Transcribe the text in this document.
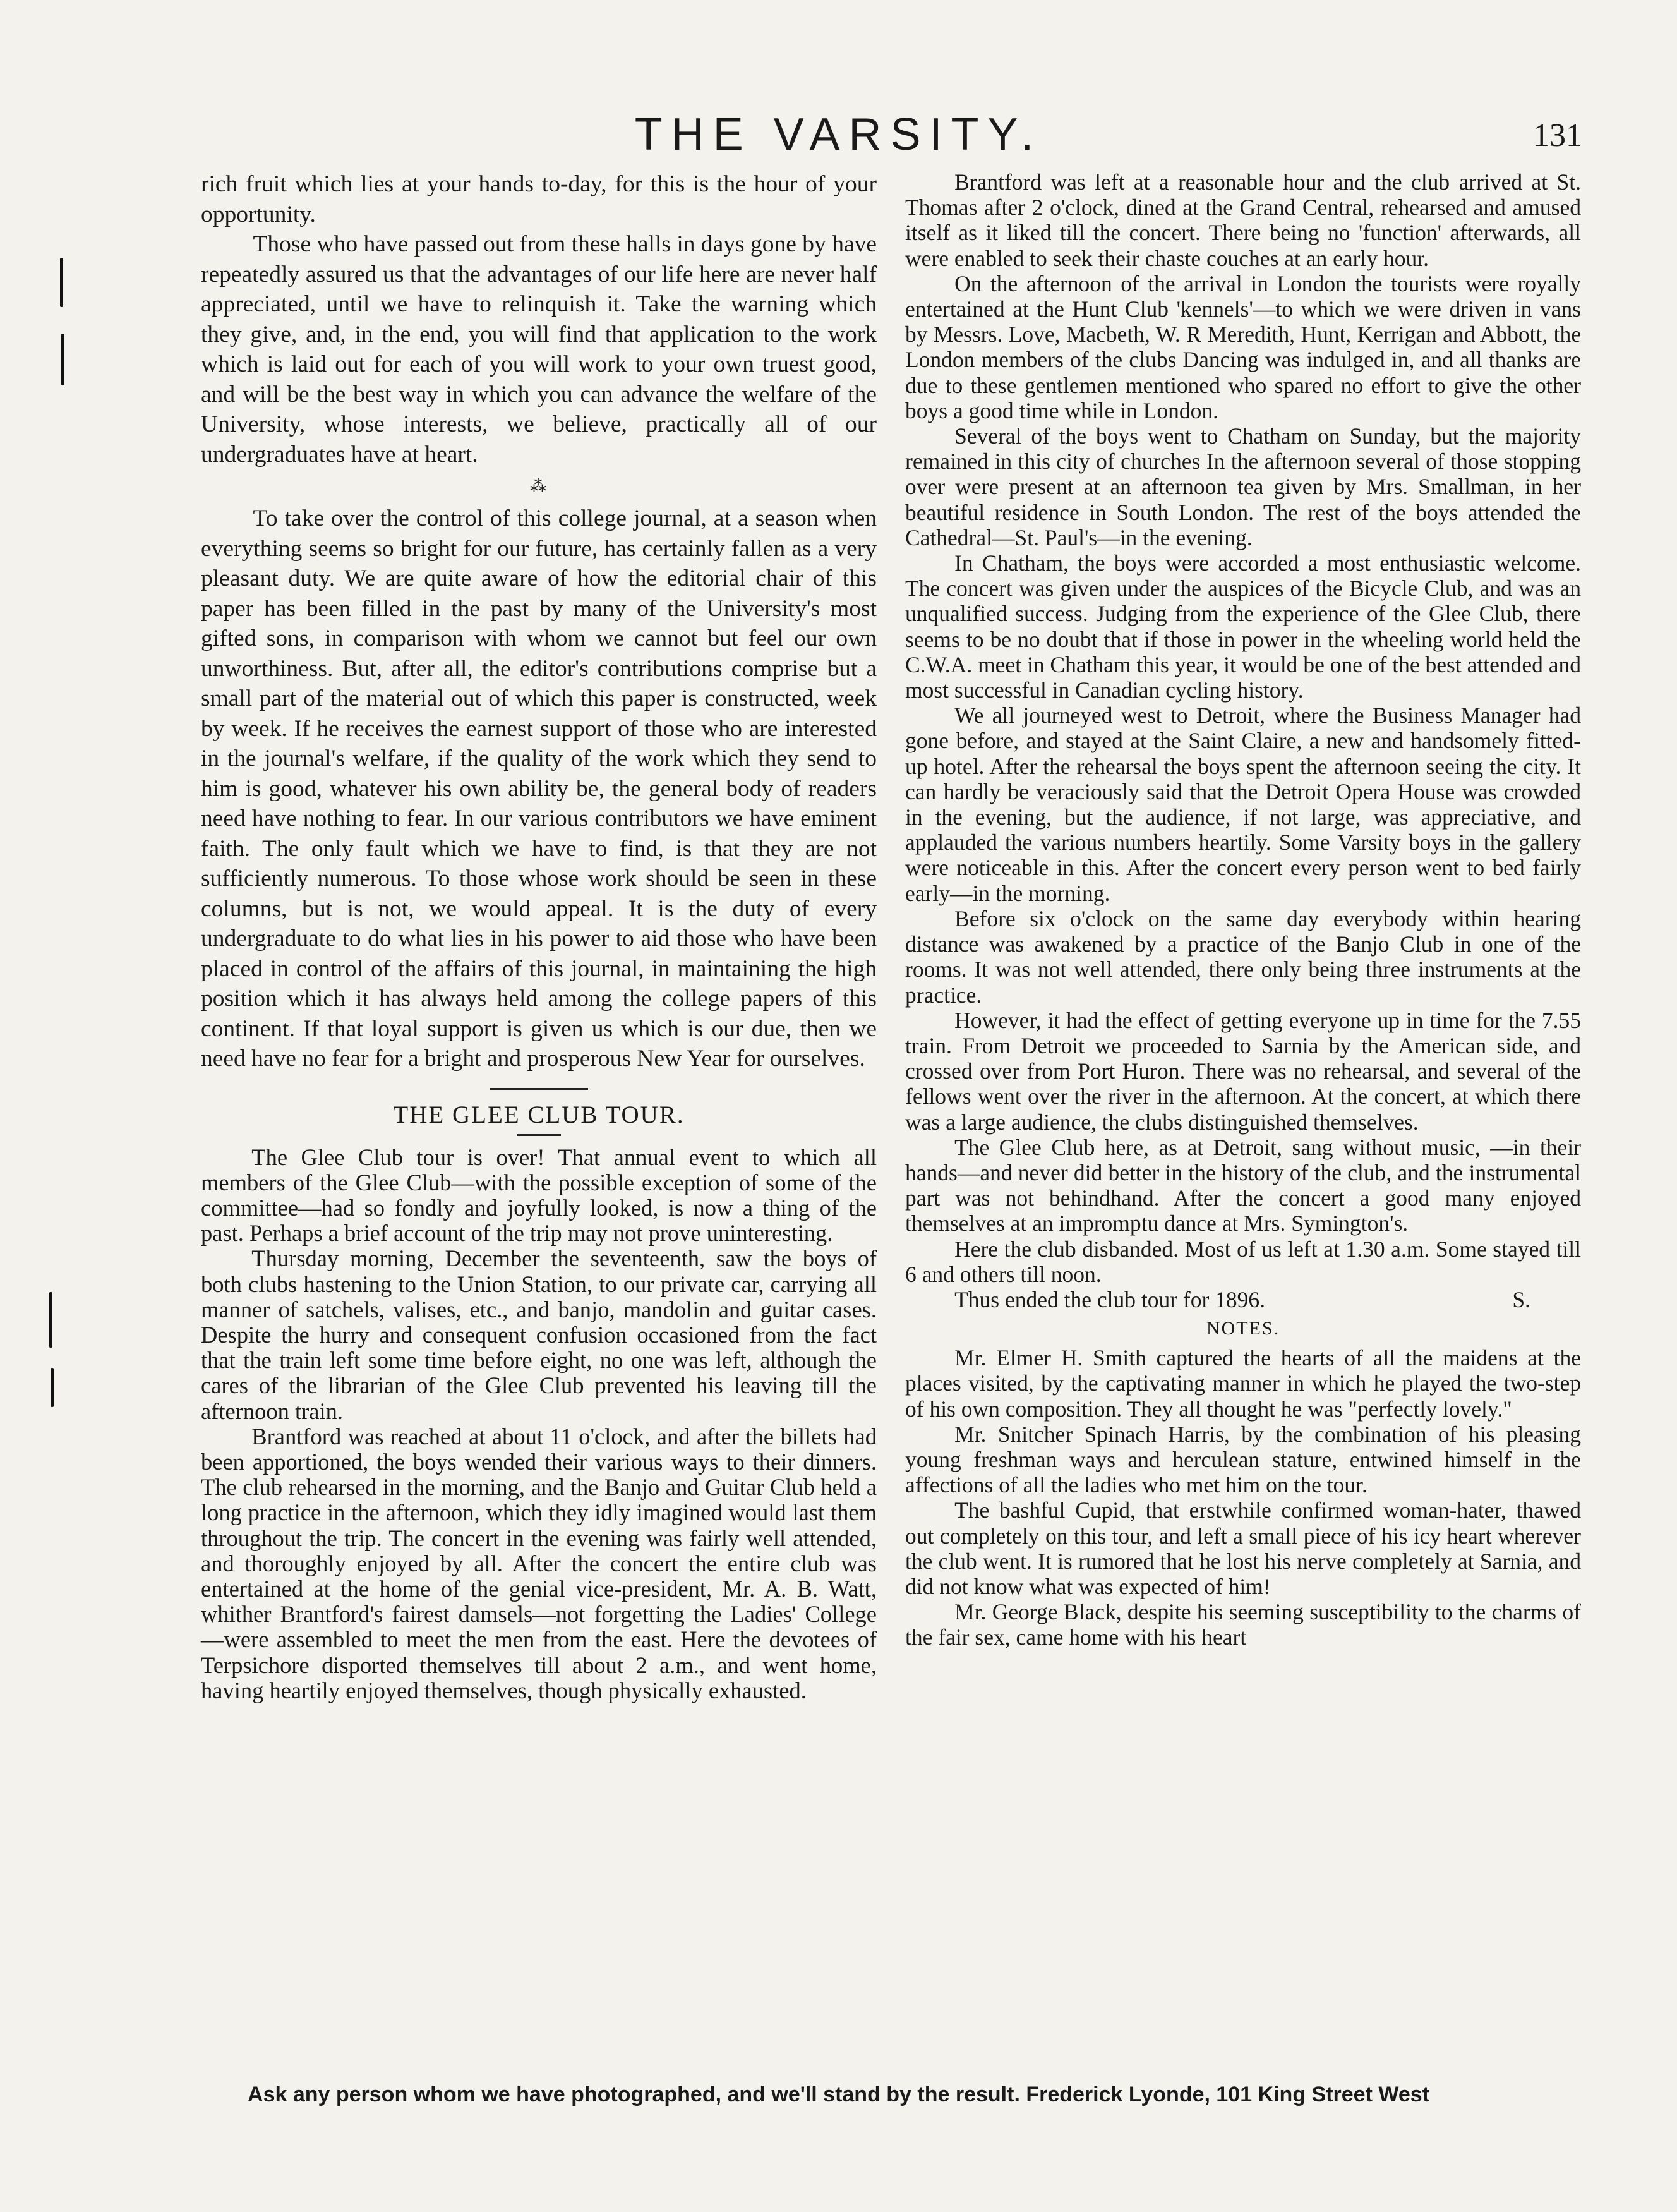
THE VARSITY.	131

rich fruit which lies at your hands to-day, for this is the hour of your opportunity.

Those who have passed out from these halls in days gone by have repeatedly assured us that the advantages of our life here are never half appreciated, until we have to relinquish it. Take the warning which they give, and, in the end, you will find that application to the work which is laid out for each of you will work to your own truest good, and will be the best way in which you can advance the welfare of the University, whose interests, we believe, practically all of our undergraduates have at heart.

⁂

To take over the control of this college journal, at a season when everything seems so bright for our future, has certainly fallen as a very pleasant duty. We are quite aware of how the editorial chair of this paper has been filled in the past by many of the University's most gifted sons, in comparison with whom we cannot but feel our own unworthiness. But, after all, the editor's contributions comprise but a small part of the material out of which this paper is constructed, week by week. If he receives the earnest support of those who are interested in the journal's welfare, if the quality of the work which they send to him is good, whatever his own ability be, the general body of readers need have nothing to fear. In our various contributors we have eminent faith. The only fault which we have to find, is that they are not sufficiently numerous. To those whose work should be seen in these columns, but is not, we would appeal. It is the duty of every undergraduate to do what lies in his power to aid those who have been placed in control of the affairs of this journal, in maintaining the high position which it has always held among the college papers of this continent. If that loyal support is given us which is our due, then we need have no fear for a bright and prosperous New Year for ourselves.

THE GLEE CLUB TOUR.

The Glee Club tour is over! That annual event to which all members of the Glee Club—with the possible exception of some of the committee—had so fondly and joyfully looked, is now a thing of the past. Perhaps a brief account of the trip may not prove uninteresting.

Thursday morning, December the seventeenth, saw the boys of both clubs hastening to the Union Station, to our private car, carrying all manner of satchels, valises, etc., and banjo, mandolin and guitar cases. Despite the hurry and consequent confusion occasioned from the fact that the train left some time before eight, no one was left, although the cares of the librarian of the Glee Club prevented his leaving till the afternoon train.

Brantford was reached at about 11 o'clock, and after the billets had been apportioned, the boys wended their various ways to their dinners. The club rehearsed in the morning, and the Banjo and Guitar Club held a long practice in the afternoon, which they idly imagined would last them throughout the trip. The concert in the evening was fairly well attended, and thoroughly enjoyed by all. After the concert the entire club was entertained at the home of the genial vice-president, Mr. A. B. Watt, whither Brantford's fairest damsels—not forgetting the Ladies' College—were assembled to meet the men from the east. Here the devotees of Terpsichore disported themselves till about 2 a.m., and went home, having heartily enjoyed themselves, though physically exhausted.

Brantford was left at a reasonable hour and the club arrived at St. Thomas after 2 o'clock, dined at the Grand Central, rehearsed and amused itself as it liked till the concert. There being no 'function' afterwards, all were enabled to seek their chaste couches at an early hour.

On the afternoon of the arrival in London the tourists were royally entertained at the Hunt Club 'kennels'—to which we were driven in vans by Messrs. Love, Macbeth, W. R Meredith, Hunt, Kerrigan and Abbott, the London members of the clubs Dancing was indulged in, and all thanks are due to these gentlemen mentioned who spared no effort to give the other boys a good time while in London.

Several of the boys went to Chatham on Sunday, but the majority remained in this city of churches In the afternoon several of those stopping over were present at an afternoon tea given by Mrs. Smallman, in her beautiful residence in South London. The rest of the boys attended the Cathedral—St. Paul's—in the evening.

In Chatham, the boys were accorded a most enthusiastic welcome. The concert was given under the auspices of the Bicycle Club, and was an unqualified success. Judging from the experience of the Glee Club, there seems to be no doubt that if those in power in the wheeling world held the C.W.A. meet in Chatham this year, it would be one of the best attended and most successful in Canadian cycling history.

We all journeyed west to Detroit, where the Business Manager had gone before, and stayed at the Saint Claire, a new and handsomely fitted-up hotel. After the rehearsal the boys spent the afternoon seeing the city. It can hardly be veraciously said that the Detroit Opera House was crowded in the evening, but the audience, if not large, was appreciative, and applauded the various numbers heartily. Some Varsity boys in the gallery were noticeable in this. After the concert every person went to bed fairly early—in the morning.

Before six o'clock on the same day everybody within hearing distance was awakened by a practice of the Banjo Club in one of the rooms. It was not well attended, there only being three instruments at the practice.

However, it had the effect of getting everyone up in time for the 7.55 train. From Detroit we proceeded to Sarnia by the American side, and crossed over from Port Huron. There was no rehearsal, and several of the fellows went over the river in the afternoon. At the concert, at which there was a large audience, the clubs distinguished themselves.

The Glee Club here, as at Detroit, sang without music, —in their hands—and never did better in the history of the club, and the instrumental part was not behindhand. After the concert a good many enjoyed themselves at an impromptu dance at Mrs. Symington's.

Here the club disbanded. Most of us left at 1.30 a.m. Some stayed till 6 and others till noon.

Thus ended the club tour for 1896.	S.
NOTES.

Mr. Elmer H. Smith captured the hearts of all the maidens at the places visited, by the captivating manner in which he played the two-step of his own composition. They all thought he was "perfectly lovely."

Mr. Snitcher Spinach Harris, by the combination of his pleasing young freshman ways and herculean stature, entwined himself in the affections of all the ladies who met him on the tour.

The bashful Cupid, that erstwhile confirmed woman-hater, thawed out completely on this tour, and left a small piece of his icy heart wherever the club went. It is rumored that he lost his nerve completely at Sarnia, and did not know what was expected of him!

Mr. George Black, despite his seeming susceptibility to the charms of the fair sex, came home with his heart

Ask any person whom we have photographed, and we'll stand by the result. Frederick Lyonde, 101 King Street West
